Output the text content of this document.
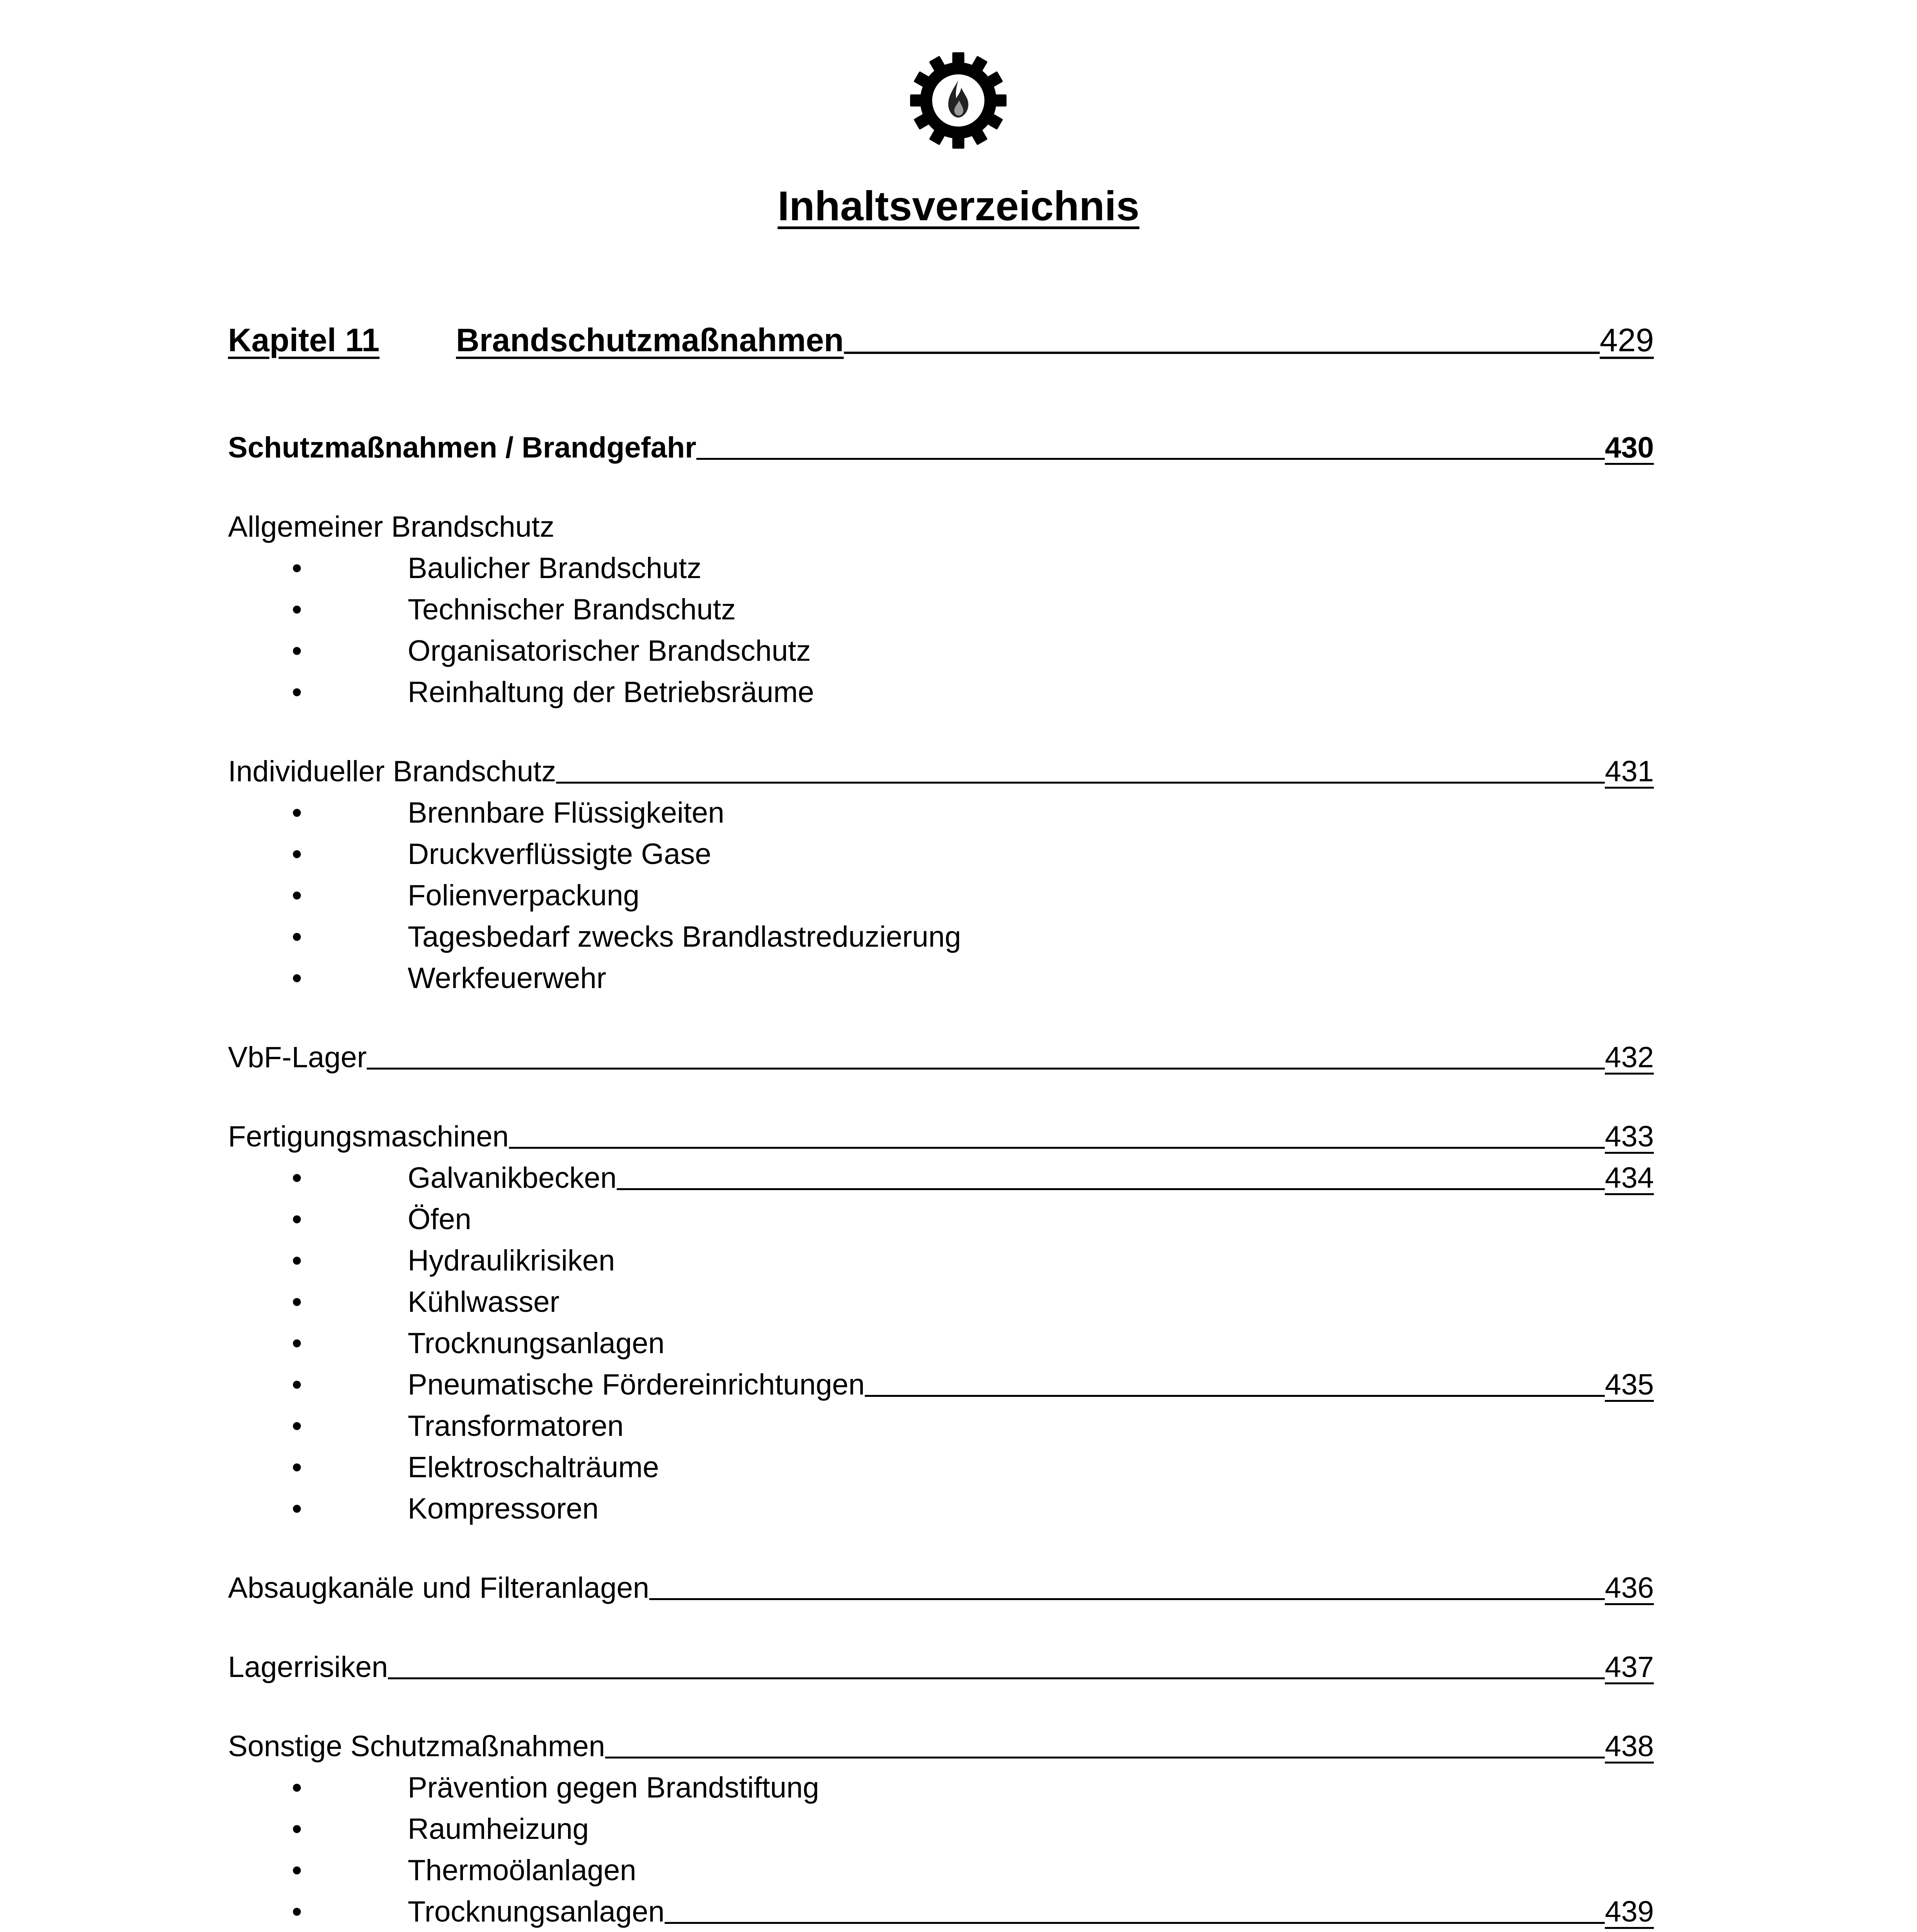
Inhaltsverzeichnis
Kapitel 11	Brandschutzmaßnahmen	429
Schutzmaßnahmen / Brandgefahr	430
Allgemeiner Brandschutz
•	Baulicher Brandschutz
•	Technischer Brandschutz
•	Organisatorischer Brandschutz
•	Reinhaltung der Betriebsräume
Individueller Brandschutz	431
•	Brennbare Flüssigkeiten
•	Druckverflüssigte Gase
•	Folienverpackung
•	Tagesbedarf zwecks Brandlastreduzierung
•	Werkfeuerwehr
VbF-Lager	432
Fertigungsmaschinen	433
•	Galvanikbecken	434
•	Öfen
•	Hydraulikrisiken
•	Kühlwasser
•	Trocknungsanlagen
•	Pneumatische Fördereinrichtungen	435
•	Transformatoren
•	Elektroschalträume
•	Kompressoren
Absaugkanäle und Filteranlagen	436
Lagerrisiken	437
Sonstige Schutzmaßnahmen	438
•	Prävention gegen Brandstiftung
•	Raumheizung
•	Thermoölanlagen
•	Trocknungsanlagen	439
